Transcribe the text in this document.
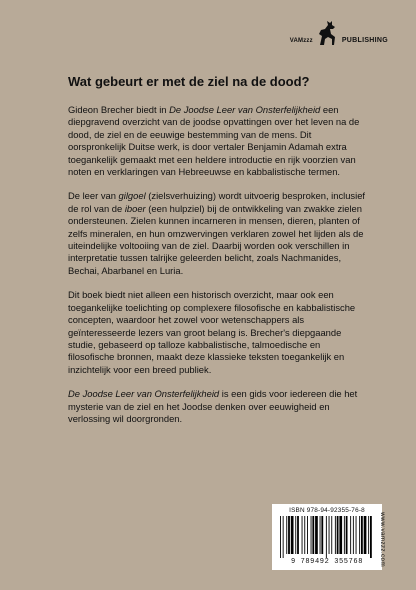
VAMzzz	PUBLISHING
Wat gebeurt er met de ziel na de dood?

Gideon Brecher biedt in De Joodse Leer van Onsterfelijkheid een diepgravend overzicht van de joodse opvattingen over het leven na de dood, de ziel en de eeuwige bestemming van de mens. Dit oorspronkelijk Duitse werk, is door vertaler Benjamin Adamah extra toegankelijk gemaakt met een heldere introductie en rijk voorzien van noten en verklaringen van Hebreeuwse en kabbalistische termen.

De leer van gilgoel (zielsverhuizing) wordt uitvoerig besproken, inclusief de rol van de iboer (een hulpziel) bij de ontwikkeling van zwakke zielen ondersteunen. Zielen kunnen incarneren in mensen, dieren, planten of zelfs mineralen, en hun omzwervingen verklaren zowel het lijden als de uiteindelijke voltooiing van de ziel. Daarbij worden ook verschillen in interpretatie tussen talrijke geleerden belicht, zoals Nachmanides, Bechai, Abarbanel en Luria.

Dit boek biedt niet alleen een historisch overzicht, maar ook een toegankelijke toelichting op complexere filosofische en kabbalistische concepten, waardoor het zowel voor wetenschappers als geïnteresseerde lezers van groot belang is. Brecher's diepgaande studie, gebaseerd op talloze kabbalistische, talmoedische en filosofische bronnen, maakt deze klassieke teksten toegankelijk en inzichtelijk voor een breed publiek.

De Joodse Leer van Onsterfelijkheid is een gids voor iedereen die het mysterie van de ziel en het Joodse denken over eeuwigheid en verlossing wil doorgronden.

ISBN 978-94-92355-76-8
9 789492 355768	www.vamzzz.com
